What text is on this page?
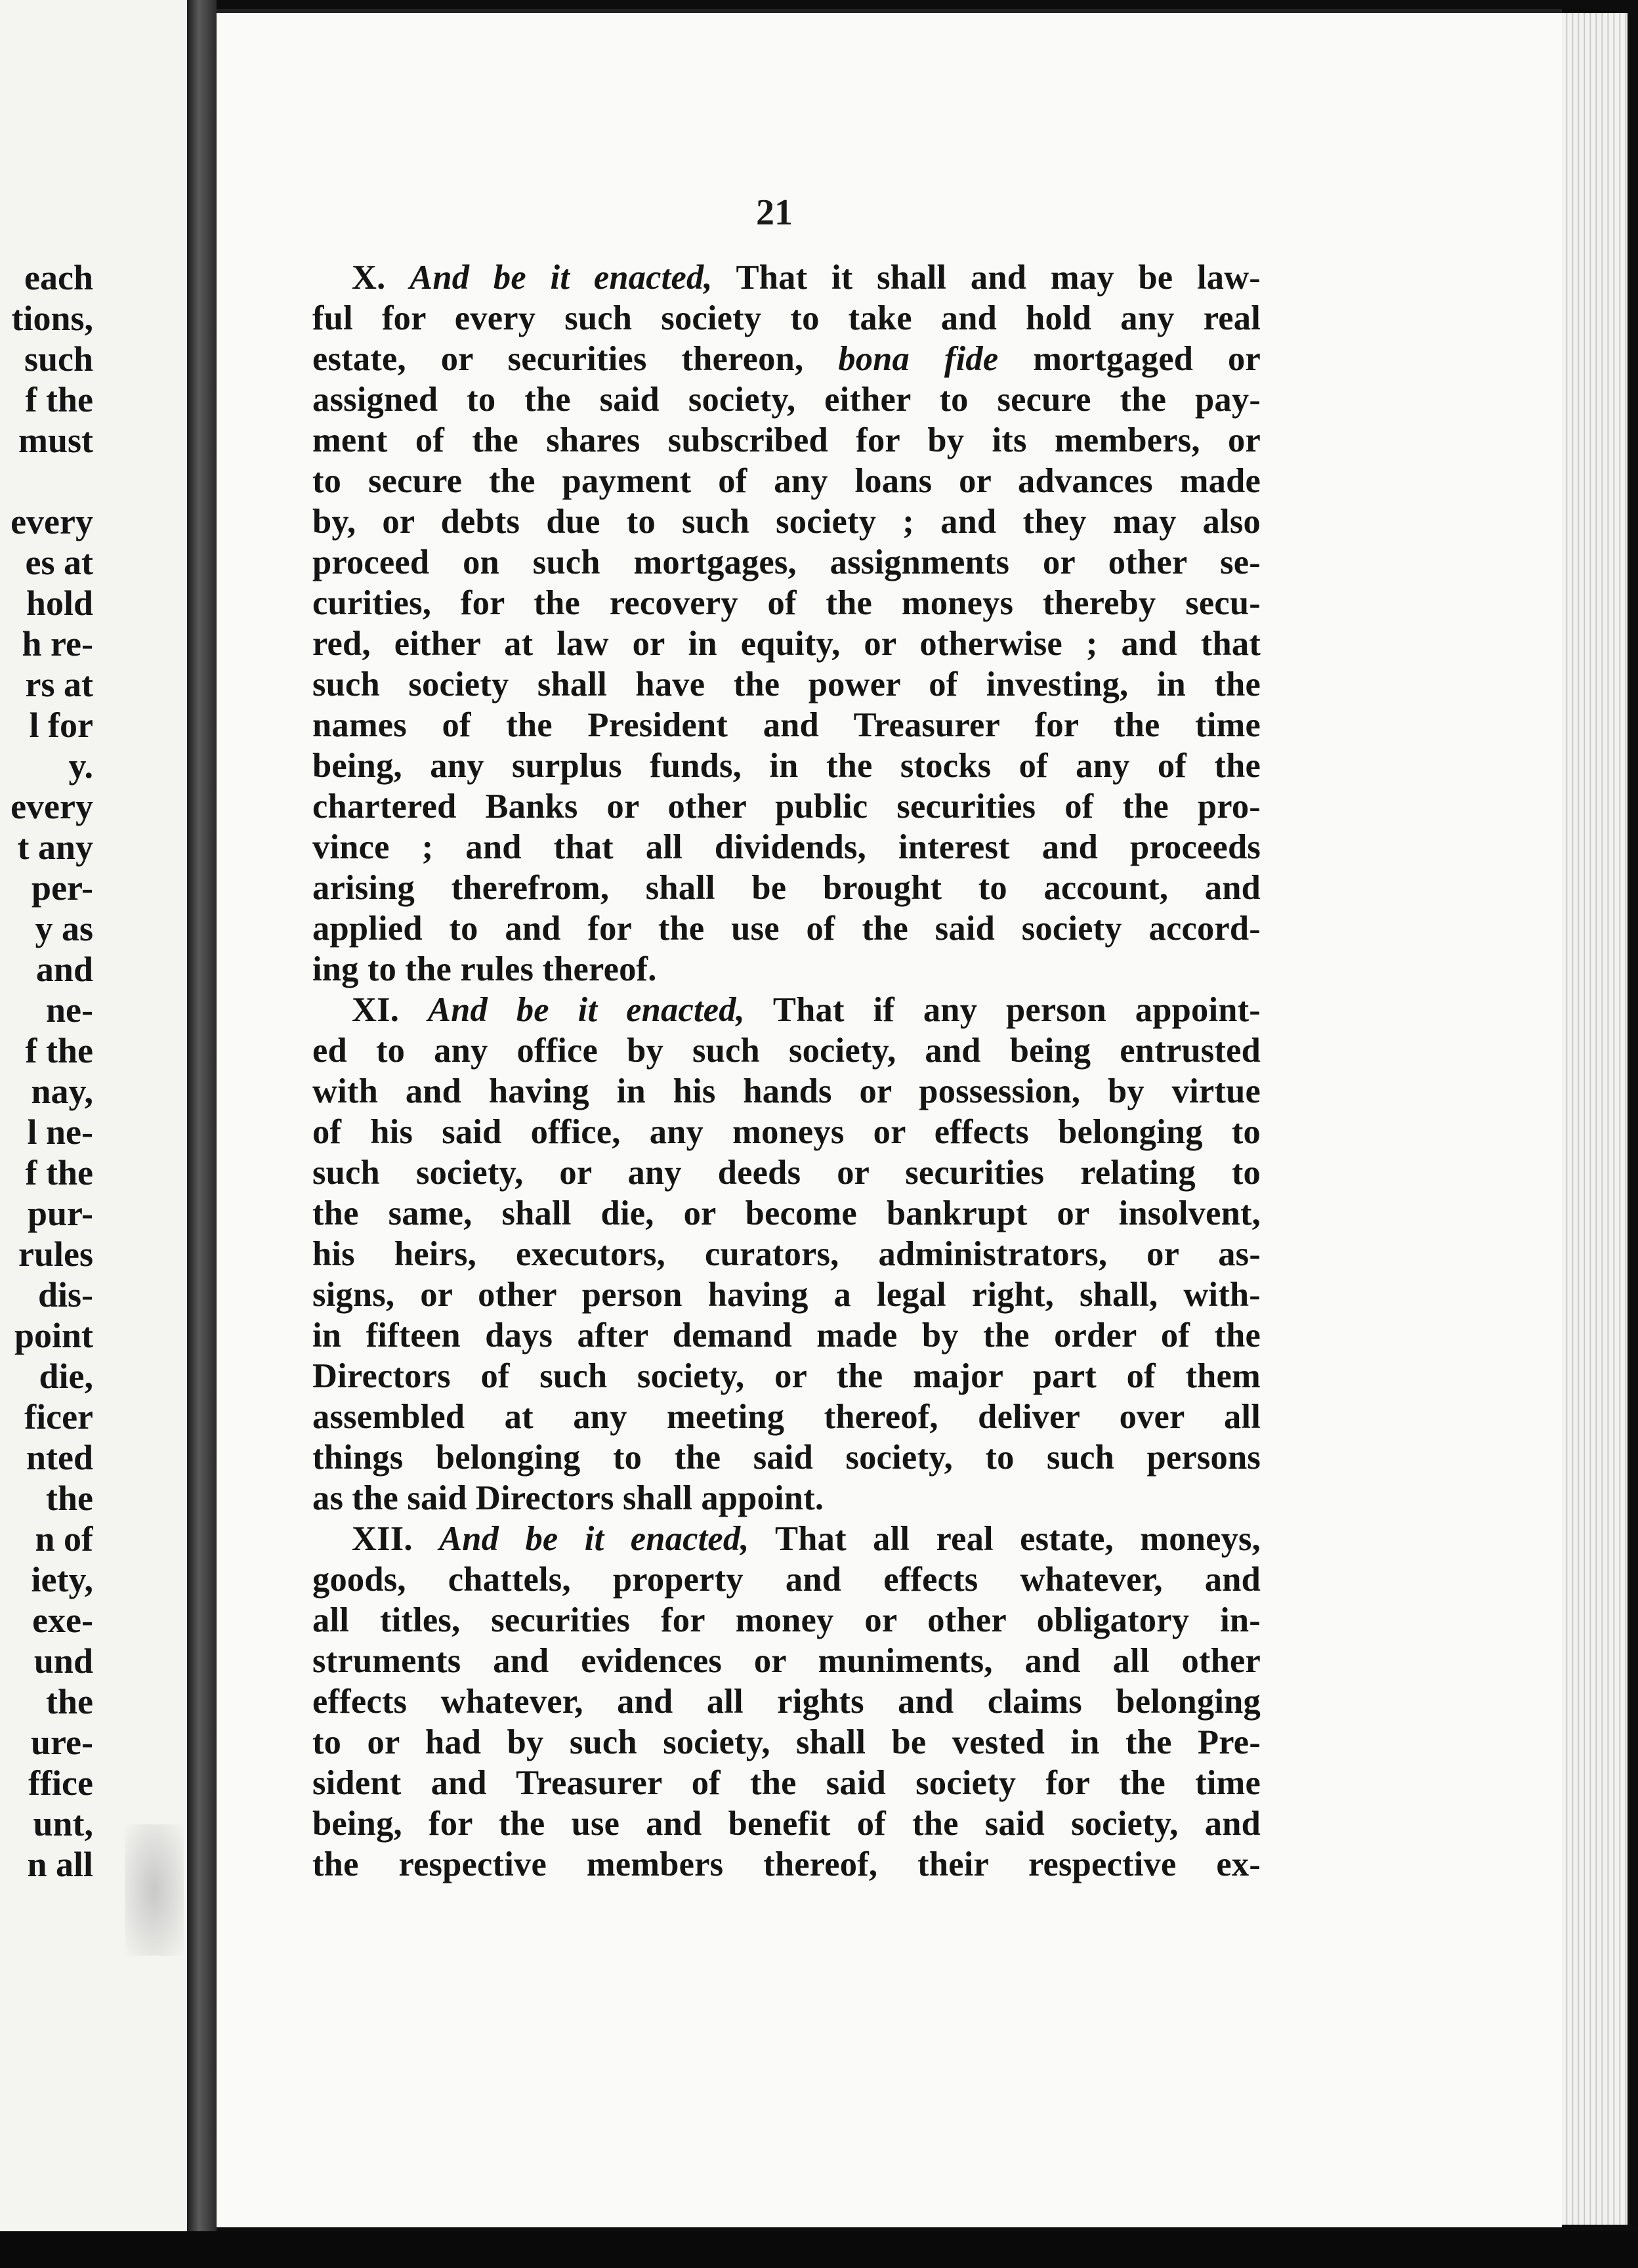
each
tions,
such
f the
must
every
es at
hold
h re-
rs at
l for
y.
every
t any
per-
y as
and
ne-
f the
nay,
l ne-
f the
pur-
rules
dis-
point
die,
ficer
nted
the
n of
iety,
exe-
und
the
ure-
ffice
unt,
n all
21
X. And be it enacted, That it shall and may be law-
ful for every such society to take and hold any real
estate, or securities thereon, bona fide mortgaged or
assigned to the said society, either to secure the pay-
ment of the shares subscribed for by its members, or
to secure the payment of any loans or advances made
by, or debts due to such society ; and they may also
proceed on such mortgages, assignments or other se-
curities, for the recovery of the moneys thereby secu-
red, either at law or in equity, or otherwise ; and that
such society shall have the power of investing, in the
names of the President and Treasurer for the time
being, any surplus funds, in the stocks of any of the
chartered Banks or other public securities of the pro-
vince ; and that all dividends, interest and proceeds
arising therefrom, shall be brought to account, and
applied to and for the use of the said society accord-
ing to the rules thereof.
XI. And be it enacted, That if any person appoint-
ed to any office by such society, and being entrusted
with and having in his hands or possession, by virtue
of his said office, any moneys or effects belonging to
such society, or any deeds or securities relating to
the same, shall die, or become bankrupt or insolvent,
his heirs, executors, curators, administrators, or as-
signs, or other person having a legal right, shall, with-
in fifteen days after demand made by the order of the
Directors of such society, or the major part of them
assembled at any meeting thereof, deliver over all
things belonging to the said society, to such persons
as the said Directors shall appoint.
XII. And be it enacted, That all real estate, moneys,
goods, chattels, property and effects whatever, and
all titles, securities for money or other obligatory in-
struments and evidences or muniments, and all other
effects whatever, and all rights and claims belonging
to or had by such society, shall be vested in the Pre-
sident and Treasurer of the said society for the time
being, for the use and benefit of the said society, and
the respective members thereof, their respective ex-
